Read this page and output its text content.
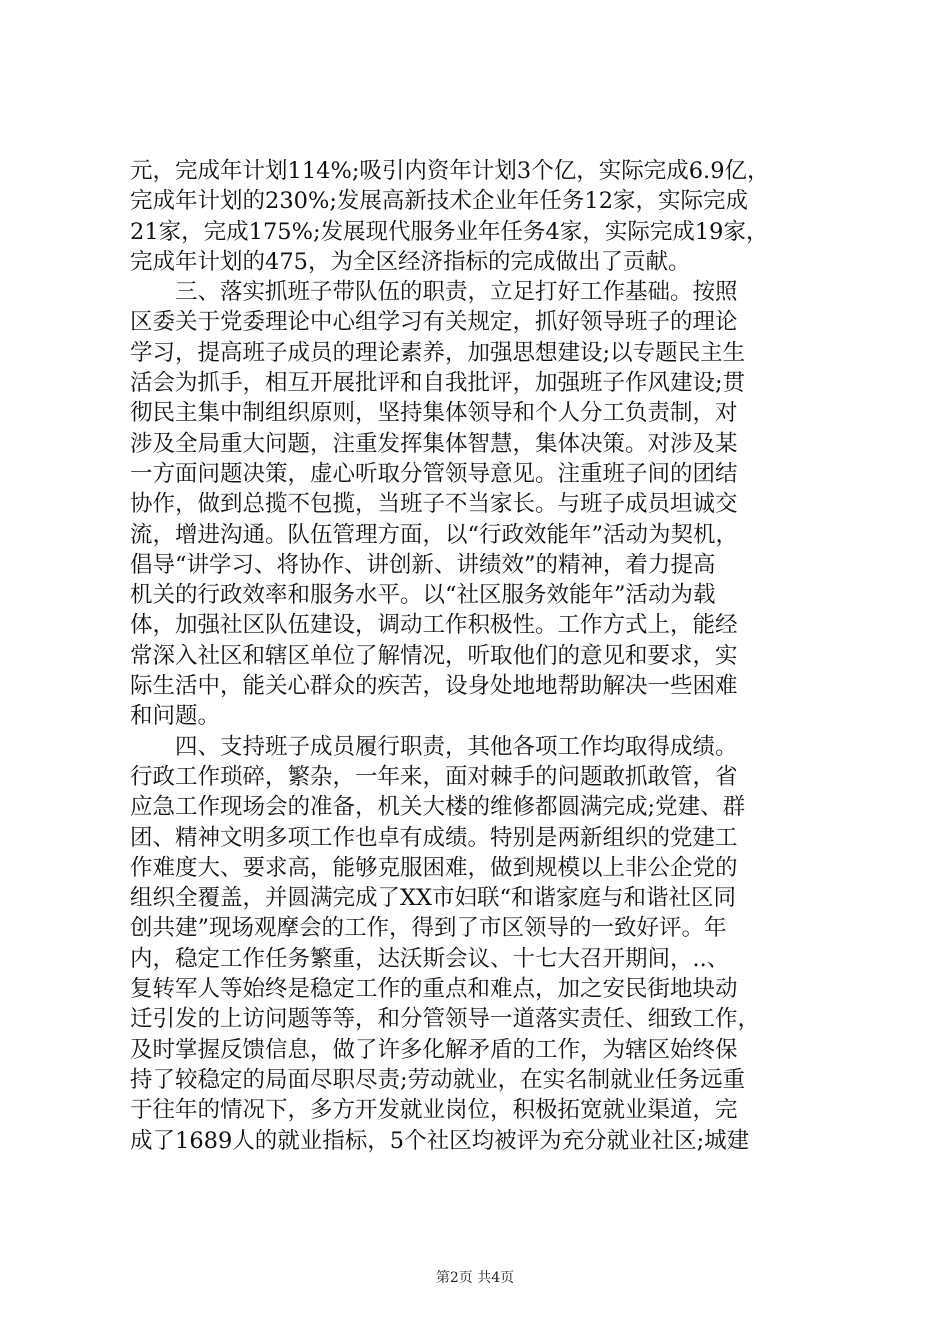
元，完成年计划114%;吸引内资年计划3个亿，实际完成6.9亿，
完成年计划的230%;发展高新技术企业年任务12家，实际完成
21家，完成175%;发展现代服务业年任务4家，实际完成19家，
完成年计划的475，为全区经济指标的完成做出了贡献。
　　三、落实抓班子带队伍的职责，立足打好工作基础。按照
区委关于党委理论中心组学习有关规定，抓好领导班子的理论
学习，提高班子成员的理论素养，加强思想建设;以专题民主生
活会为抓手，相互开展批评和自我批评，加强班子作风建设;贯
彻民主集中制组织原则，坚持集体领导和个人分工负责制，对
涉及全局重大问题，注重发挥集体智慧，集体决策。对涉及某
一方面问题决策，虚心听取分管领导意见。注重班子间的团结
协作，做到总揽不包揽，当班子不当家长。与班子成员坦诚交
流，增进沟通。队伍管理方面，以“行政效能年”活动为契机，
倡导“讲学习、将协作、讲创新、讲绩效”的精神，着力提高
机关的行政效率和服务水平。以“社区服务效能年”活动为载
体，加强社区队伍建设，调动工作积极性。工作方式上，能经
常深入社区和辖区单位了解情况，听取他们的意见和要求，实
际生活中，能关心群众的疾苦，设身处地地帮助解决一些困难
和问题。
　　四、支持班子成员履行职责，其他各项工作均取得成绩。
行政工作琐碎，繁杂，一年来，面对棘手的问题敢抓敢管，省
应急工作现场会的准备，机关大楼的维修都圆满完成;党建、群
团、精神文明多项工作也卓有成绩。特别是两新组织的党建工
作难度大、要求高，能够克服困难，做到规模以上非公企党的
组织全覆盖，并圆满完成了XX市妇联“和谐家庭与和谐社区同
创共建”现场观摩会的工作，得到了市区领导的一致好评。年
内，稳定工作任务繁重，达沃斯会议、十七大召开期间，..、
复转军人等始终是稳定工作的重点和难点，加之安民街地块动
迁引发的上访问题等等，和分管领导一道落实责任、细致工作，
及时掌握反馈信息，做了许多化解矛盾的工作，为辖区始终保
持了较稳定的局面尽职尽责;劳动就业，在实名制就业任务远重
于往年的情况下，多方开发就业岗位，积极拓宽就业渠道，完
成了1689人的就业指标，5个社区均被评为充分就业社区;城建
第2页 共4页
